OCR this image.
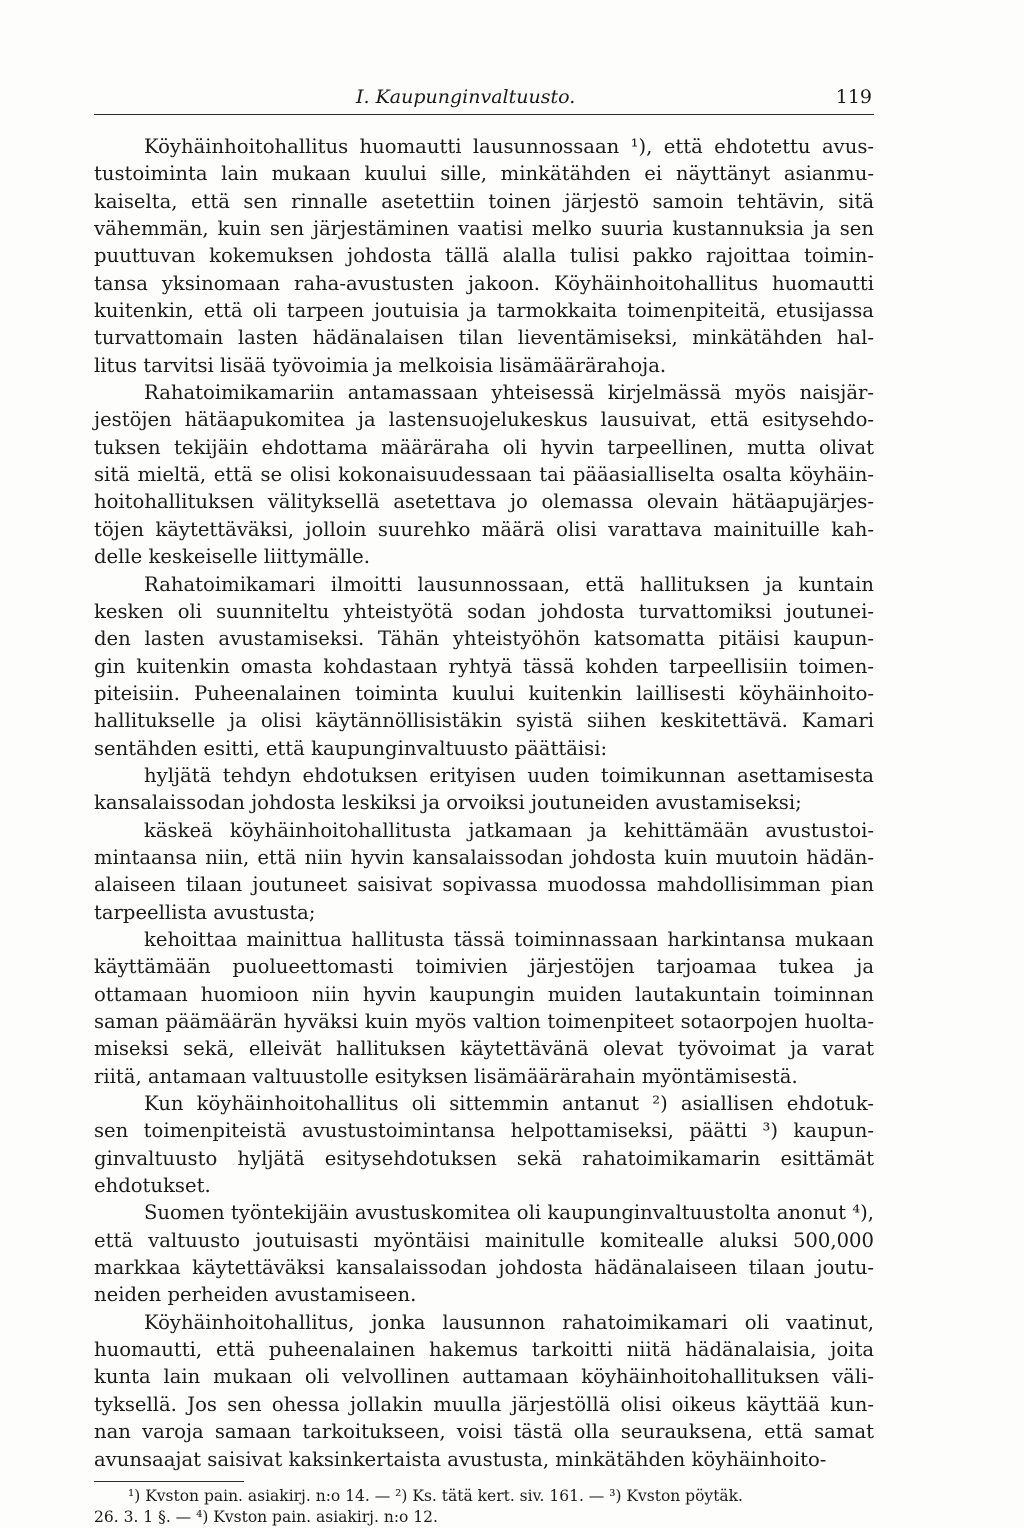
I. Kaupunginvaltuusto.	119

Köyhäinhoitohallitus huomautti lausunnossaan ¹), että ehdotettu avus-
tustoiminta lain mukaan kuului sille, minkätähden ei näyttänyt asianmu-
kaiselta, että sen rinnalle asetettiin toinen järjestö samoin tehtävin, sitä
vähemmän, kuin sen järjestäminen vaatisi melko suuria kustannuksia ja sen
puuttuvan kokemuksen johdosta tällä alalla tulisi pakko rajoittaa toimin-
tansa yksinomaan raha-avustusten jakoon. Köyhäinhoitohallitus huomautti
kuitenkin, että oli tarpeen joutuisia ja tarmokkaita toimenpiteitä, etusijassa
turvattomain lasten hädänalaisen tilan lieventämiseksi, minkätähden hal-
litus tarvitsi lisää työvoimia ja melkoisia lisämäärärahoja.

Rahatoimikamariin antamassaan yhteisessä kirjelmässä myös naisjär-
jestöjen hätäapukomitea ja lastensuojelukeskus lausuivat, että esitysehdo-
tuksen tekijäin ehdottama määräraha oli hyvin tarpeellinen, mutta olivat
sitä mieltä, että se olisi kokonaisuudessaan tai pääasialliselta osalta köyhäin-
hoitohallituksen välityksellä asetettava jo olemassa olevain hätäapujärjes-
töjen käytettäväksi, jolloin suurehko määrä olisi varattava mainituille kah-
delle keskeiselle liittymälle.

Rahatoimikamari ilmoitti lausunnossaan, että hallituksen ja kuntain
kesken oli suunniteltu yhteistyötä sodan johdosta turvattomiksi joutunei-
den lasten avustamiseksi. Tähän yhteistyöhön katsomatta pitäisi kaupun-
gin kuitenkin omasta kohdastaan ryhtyä tässä kohden tarpeellisiin toimen-
piteisiin. Puheenalainen toiminta kuului kuitenkin laillisesti köyhäinhoito-
hallitukselle ja olisi käytännöllisistäkin syistä siihen keskitettävä. Kamari
sentähden esitti, että kaupunginvaltuusto päättäisi:

hyljätä tehdyn ehdotuksen erityisen uuden toimikunnan asettamisesta
kansalaissodan johdosta leskiksi ja orvoiksi joutuneiden avustamiseksi;

käskeä köyhäinhoitohallitusta jatkamaan ja kehittämään avustustoi-
mintaansa niin, että niin hyvin kansalaissodan johdosta kuin muutoin hädän-
alaiseen tilaan joutuneet saisivat sopivassa muodossa mahdollisimman pian
tarpeellista avustusta;

kehoittaa mainittua hallitusta tässä toiminnassaan harkintansa mukaan
käyttämään puolueettomasti toimivien järjestöjen tarjoamaa tukea ja
ottamaan huomioon niin hyvin kaupungin muiden lautakuntain toiminnan
saman päämäärän hyväksi kuin myös valtion toimenpiteet sotaorpojen huolta-
miseksi sekä, elleivät hallituksen käytettävänä olevat työvoimat ja varat
riitä, antamaan valtuustolle esityksen lisämäärärahain myöntämisestä.

Kun köyhäinhoitohallitus oli sittemmin antanut ²) asiallisen ehdotuk-
sen toimenpiteistä avustustoimintansa helpottamiseksi, päätti ³) kaupun-
ginvaltuusto hyljätä esitysehdotuksen sekä rahatoimikamarin esittämät
ehdotukset.

Suomen työntekijäin avustuskomitea oli kaupunginvaltuustolta anonut ⁴),
että valtuusto joutuisasti myöntäisi mainitulle komitealle aluksi 500,000
markkaa käytettäväksi kansalaissodan johdosta hädänalaiseen tilaan joutu-
neiden perheiden avustamiseen.

Köyhäinhoitohallitus, jonka lausunnon rahatoimikamari oli vaatinut,
huomautti, että puheenalainen hakemus tarkoitti niitä hädänalaisia, joita
kunta lain mukaan oli velvollinen auttamaan köyhäinhoitohallituksen väli-
tyksellä. Jos sen ohessa jollakin muulla järjestöllä olisi oikeus käyttää kun-
nan varoja samaan tarkoitukseen, voisi tästä olla seurauksena, että samat
avunsaajat saisivat kaksinkertaista avustusta, minkätähden köyhäinhoito-

¹) Kvston pain. asiakirj. n:o 14. — ²) Ks. tätä kert. siv. 161. — ³) Kvston pöytäk.
26. 3. 1 §. — ⁴) Kvston pain. asiakirj. n:o 12.
